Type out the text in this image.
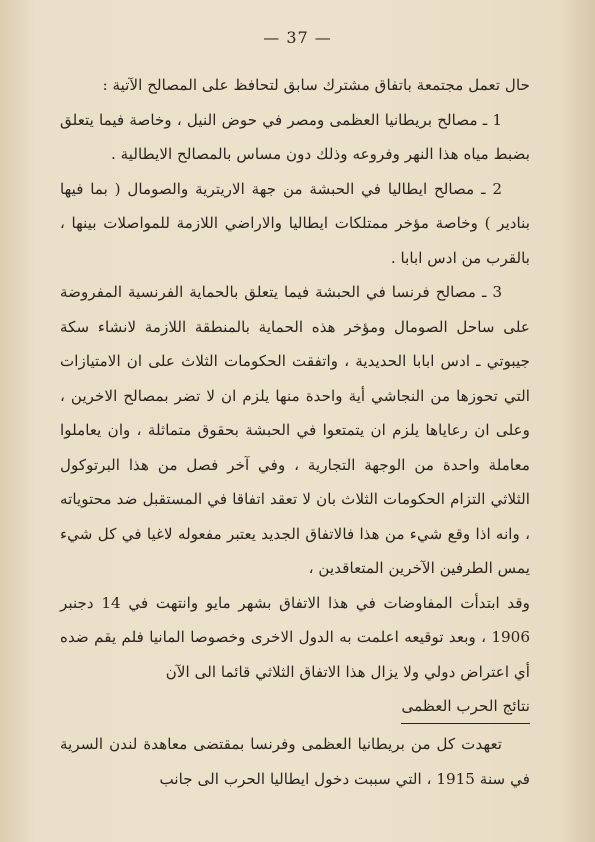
— 37 —

حال تعمل مجتمعة باتفاق مشترك سابق لتحافظ على المصالح الآتية :

1 ـ مصالح بريطانيا العظمى ومصر في حوض النيل ، وخاصة فيما يتعلق بضبط مياه هذا النهر وفروعه وذلك دون مساس بالمصالح الايطالية .

2 ـ مصالح ايطاليا في الحبشة من جهة الاريترية والصومال ( بما فيها بنادير ) وخاصة مؤخر ممتلكات ايطاليا والاراضي اللازمة للمواصلات بينها ، بالقرب من ادس ابابا .

3 ـ مصالح فرنسا في الحبشة فيما يتعلق بالحماية الفرنسية المفروضة على ساحل الصومال ومؤخر هذه الحماية بالمنطقة اللازمة لانشاء سكة جيبوتي ـ ادس ابابا الحديدية ، واتفقت الحكومات الثلاث على ان الامتيازات التي تحوزها من النجاشي أية واحدة منها يلزم ان لا تضر بمصالح الاخرين ، وعلى ان رعاياها يلزم ان يتمتعوا في الحبشة بحقوق متماثلة ، وان يعاملوا معاملة واحدة من الوجهة التجارية ، وفي آخر فصل من هذا البرتوكول الثلاثي التزام الحكومات الثلاث بان لا تعقد اتفاقا في المستقبل ضد محتوياته ، وانه اذا وقع شيء من هذا فالاتفاق الجديد يعتبر مفعوله لاغيا في كل شيء يمس الطرفين الآخرين المتعاقدين ،

وقد ابتدأت المفاوضات في هذا الاتفاق بشهر مايو وانتهت في 14 دجنبر 1906 ، وبعد توقيعه اعلمت به الدول الاخرى وخصوصا المانيا فلم يقم ضده أي اعتراض دولي ولا يزال هذا الاتفاق الثلاثي قائما الى الآن

نتائج الحرب العظمى

تعهدت كل من بريطانيا العظمى وفرنسا بمقتضى معاهدة لندن السرية في سنة 1915 ، التي سببت دخول ايطاليا الحرب الى جانب
